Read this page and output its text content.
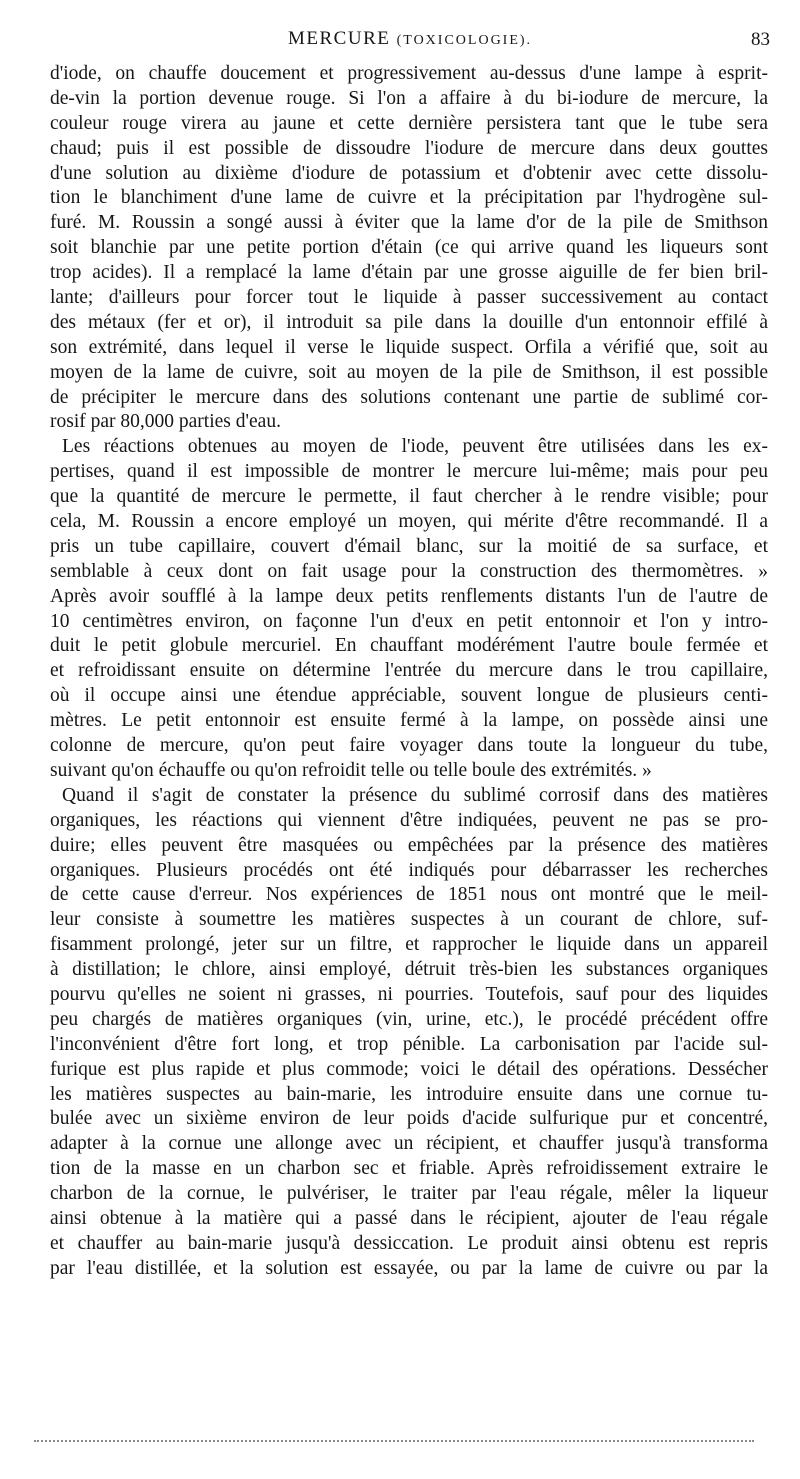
MERCURE (TOXICOLOGIE).	83
d'iode, on chauffe doucement et progressivement au-dessus d'une lampe à esprit-
de-vin la portion devenue rouge. Si l'on a affaire à du bi-iodure de mercure, la
couleur rouge virera au jaune et cette dernière persistera tant que le tube sera
chaud; puis il est possible de dissoudre l'iodure de mercure dans deux gouttes
d'une solution au dixième d'iodure de potassium et d'obtenir avec cette dissolu-
tion le blanchiment d'une lame de cuivre et la précipitation par l'hydrogène sul-
furé. M. Roussin a songé aussi à éviter que la lame d'or de la pile de Smithson
soit blanchie par une petite portion d'étain (ce qui arrive quand les liqueurs sont
trop acides). Il a remplacé la lame d'étain par une grosse aiguille de fer bien bril-
lante; d'ailleurs pour forcer tout le liquide à passer successivement au contact
des métaux (fer et or), il introduit sa pile dans la douille d'un entonnoir effilé à
son extrémité, dans lequel il verse le liquide suspect. Orfila a vérifié que, soit au
moyen de la lame de cuivre, soit au moyen de la pile de Smithson, il est possible
de précipiter le mercure dans des solutions contenant une partie de sublimé cor-
rosif par 80,000 parties d'eau.
Les réactions obtenues au moyen de l'iode, peuvent être utilisées dans les ex-
pertises, quand il est impossible de montrer le mercure lui-même; mais pour peu
que la quantité de mercure le permette, il faut chercher à le rendre visible; pour
cela, M. Roussin a encore employé un moyen, qui mérite d'être recommandé. Il a
pris un tube capillaire, couvert d'émail blanc, sur la moitié de sa surface, et
semblable à ceux dont on fait usage pour la construction des thermomètres. »
Après avoir soufflé à la lampe deux petits renflements distants l'un de l'autre de
10 centimètres environ, on façonne l'un d'eux en petit entonnoir et l'on y intro-
duit le petit globule mercuriel. En chauffant modérément l'autre boule fermée et
et refroidissant ensuite on détermine l'entrée du mercure dans le trou capillaire,
où il occupe ainsi une étendue appréciable, souvent longue de plusieurs centi-
mètres. Le petit entonnoir est ensuite fermé à la lampe, on possède ainsi une
colonne de mercure, qu'on peut faire voyager dans toute la longueur du tube,
suivant qu'on échauffe ou qu'on refroidit telle ou telle boule des extrémités. »
Quand il s'agit de constater la présence du sublimé corrosif dans des matières
organiques, les réactions qui viennent d'être indiquées, peuvent ne pas se pro-
duire; elles peuvent être masquées ou empêchées par la présence des matières
organiques. Plusieurs procédés ont été indiqués pour débarrasser les recherches
de cette cause d'erreur. Nos expériences de 1851 nous ont montré que le meil-
leur consiste à soumettre les matières suspectes à un courant de chlore, suf-
fisamment prolongé, jeter sur un filtre, et rapprocher le liquide dans un appareil
à distillation; le chlore, ainsi employé, détruit très-bien les substances organiques
pourvu qu'elles ne soient ni grasses, ni pourries. Toutefois, sauf pour des liquides
peu chargés de matières organiques (vin, urine, etc.), le procédé précédent offre
l'inconvénient d'être fort long, et trop pénible. La carbonisation par l'acide sul-
furique est plus rapide et plus commode; voici le détail des opérations. Dessécher
les matières suspectes au bain-marie, les introduire ensuite dans une cornue tu-
bulée avec un sixième environ de leur poids d'acide sulfurique pur et concentré,
adapter à la cornue une allonge avec un récipient, et chauffer jusqu'à transforma
tion de la masse en un charbon sec et friable. Après refroidissement extraire le
charbon de la cornue, le pulvériser, le traiter par l'eau régale, mêler la liqueur
ainsi obtenue à la matière qui a passé dans le récipient, ajouter de l'eau régale
et chauffer au bain-marie jusqu'à dessiccation. Le produit ainsi obtenu est repris
par l'eau distillée, et la solution est essayée, ou par la lame de cuivre ou par la
